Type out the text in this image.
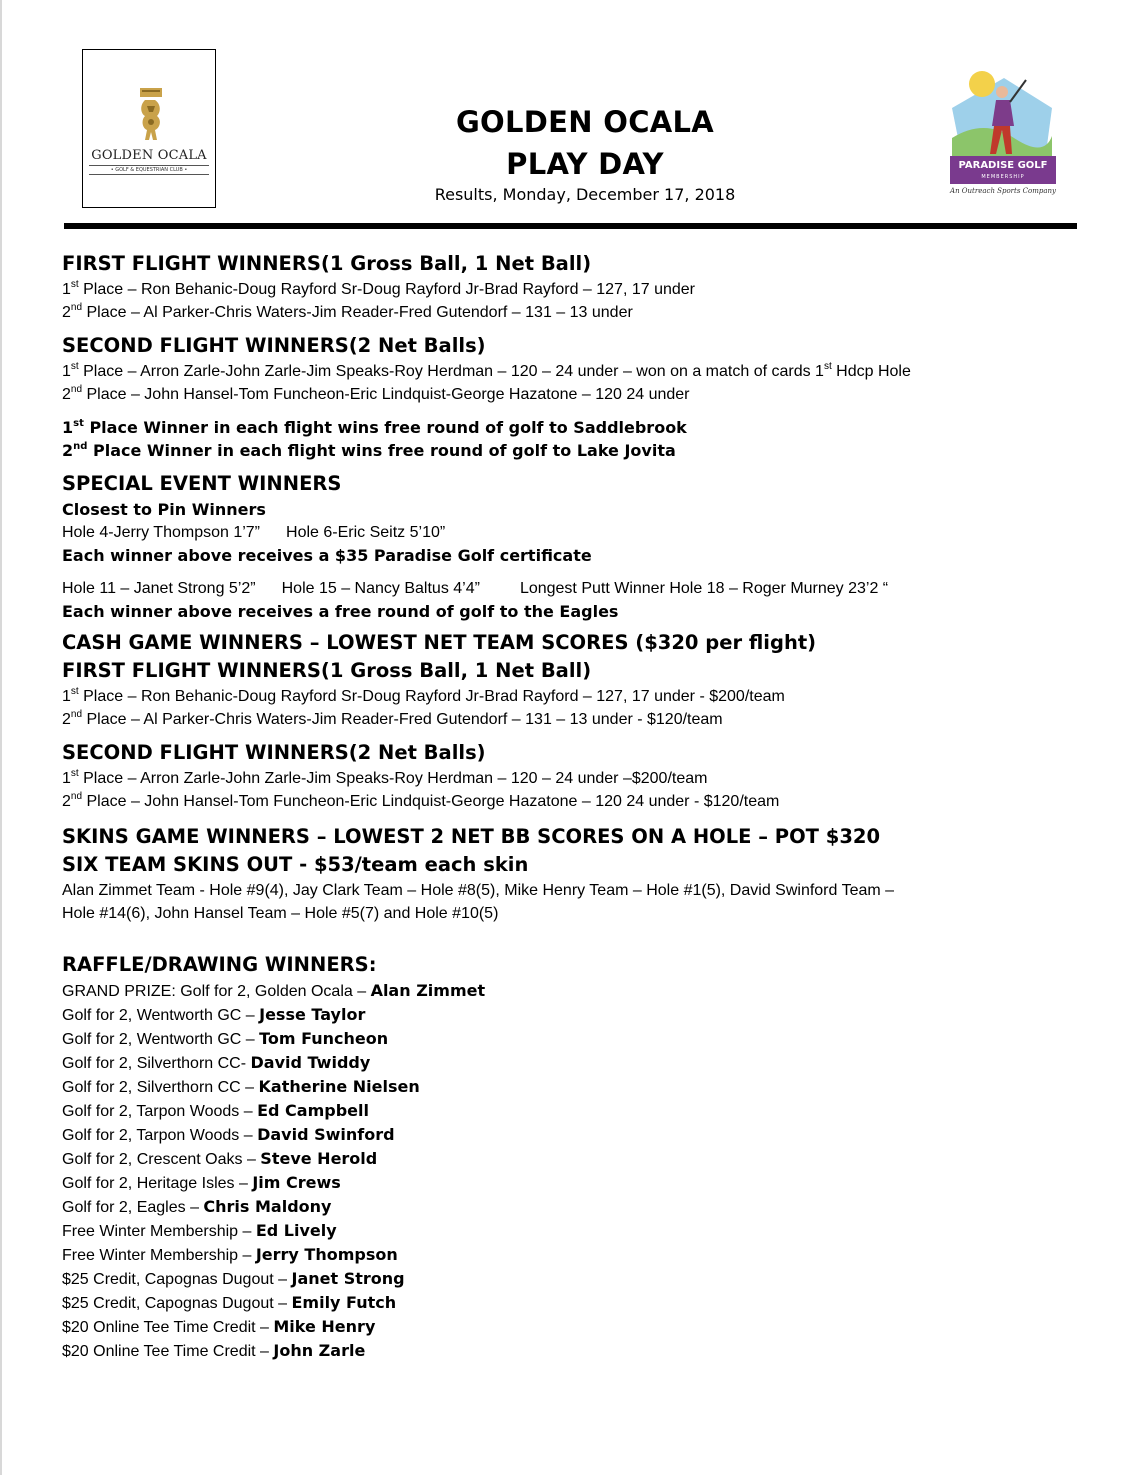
GOLDEN OCALA
• GOLF & EQUESTRIAN CLUB •
GOLDEN OCALA
PLAY DAY
Results, Monday, December 17, 2018
PARADISE GOLF
MEMBERSHIP
An Outreach Sports Company

FIRST FLIGHT WINNERS(1 Gross Ball, 1 Net Ball)

1st Place – Ron Behanic-Doug Rayford Sr-Doug Rayford Jr-Brad Rayford – 127, 17 under

2nd Place – Al Parker-Chris Waters-Jim Reader-Fred Gutendorf – 131 – 13 under

SECOND FLIGHT WINNERS(2 Net Balls)

1st Place – Arron Zarle-John Zarle-Jim Speaks-Roy Herdman – 120 – 24 under – won on a match of cards 1st Hdcp Hole

2nd Place – John Hansel-Tom Funcheon-Eric Lindquist-George Hazatone – 120 24 under

1st Place Winner in each flight wins free round of golf to Saddlebrook

2nd Place Winner in each flight wins free round of golf to Lake Jovita

SPECIAL EVENT WINNERS

Closest to Pin Winners

Hole 4-Jerry Thompson 1’7” Hole 6-Eric Seitz 5’10”

Each winner above receives a $35 Paradise Golf certificate

Hole 11 – Janet Strong 5’2” Hole 15 – Nancy Baltus 4’4”	Longest Putt Winner Hole 18 – Roger Murney 23’2 “

Each winner above receives a free round of golf to the Eagles

CASH GAME WINNERS – LOWEST NET TEAM SCORES ($320 per flight)

FIRST FLIGHT WINNERS(1 Gross Ball, 1 Net Ball)

1st Place – Ron Behanic-Doug Rayford Sr-Doug Rayford Jr-Brad Rayford – 127, 17 under - $200/team

2nd Place – Al Parker-Chris Waters-Jim Reader-Fred Gutendorf – 131 – 13 under - $120/team

SECOND FLIGHT WINNERS(2 Net Balls)

1st Place – Arron Zarle-John Zarle-Jim Speaks-Roy Herdman – 120 – 24 under –$200/team

2nd Place – John Hansel-Tom Funcheon-Eric Lindquist-George Hazatone – 120 24 under - $120/team

SKINS GAME WINNERS – LOWEST 2 NET BB SCORES ON A HOLE – POT $320

SIX TEAM SKINS OUT - $53/team each skin

Alan Zimmet Team - Hole #9(4), Jay Clark Team – Hole #8(5), Mike Henry Team – Hole #1(5), David Swinford Team –

Hole #14(6), John Hansel Team – Hole #5(7) and Hole #10(5)

RAFFLE/DRAWING WINNERS:

GRAND PRIZE: Golf for 2, Golden Ocala – Alan Zimmet

Golf for 2, Wentworth GC – Jesse Taylor

Golf for 2, Wentworth GC – Tom Funcheon

Golf for 2, Silverthorn CC- David Twiddy

Golf for 2, Silverthorn CC – Katherine Nielsen

Golf for 2, Tarpon Woods – Ed Campbell

Golf for 2, Tarpon Woods – David Swinford

Golf for 2, Crescent Oaks – Steve Herold

Golf for 2, Heritage Isles – Jim Crews

Golf for 2, Eagles – Chris Maldony

Free Winter Membership – Ed Lively

Free Winter Membership – Jerry Thompson

$25 Credit, Capognas Dugout – Janet Strong

$25 Credit, Capognas Dugout – Emily Futch

$20 Online Tee Time Credit – Mike Henry

$20 Online Tee Time Credit – John Zarle
